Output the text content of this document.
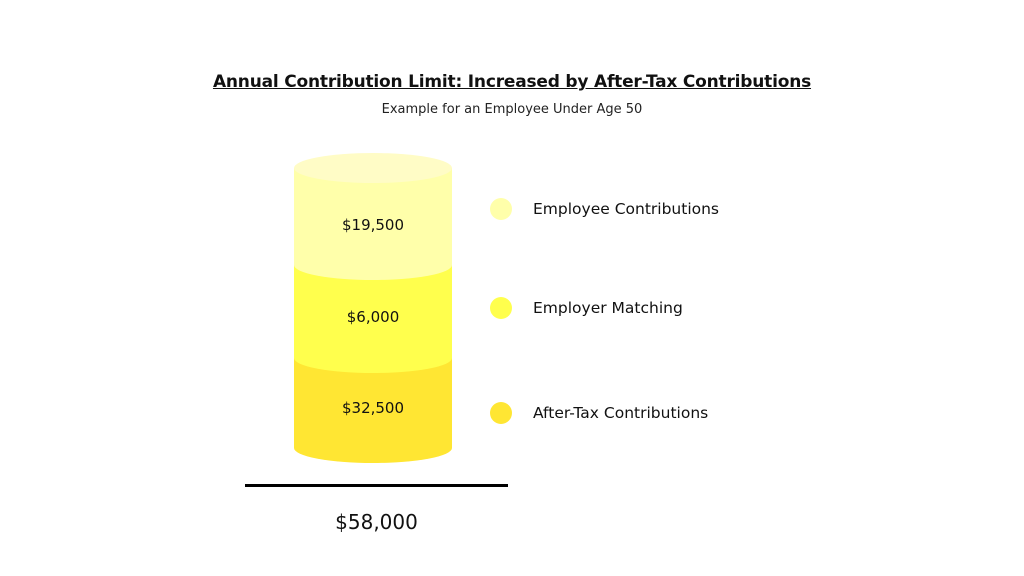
Annual Contribution Limit: Increased by After-Tax Contributions
Example for an Employee Under Age 50
$19,500
$6,000
$32,500
Employee Contributions
Employer Matching
After-Tax Contributions
$58,000
